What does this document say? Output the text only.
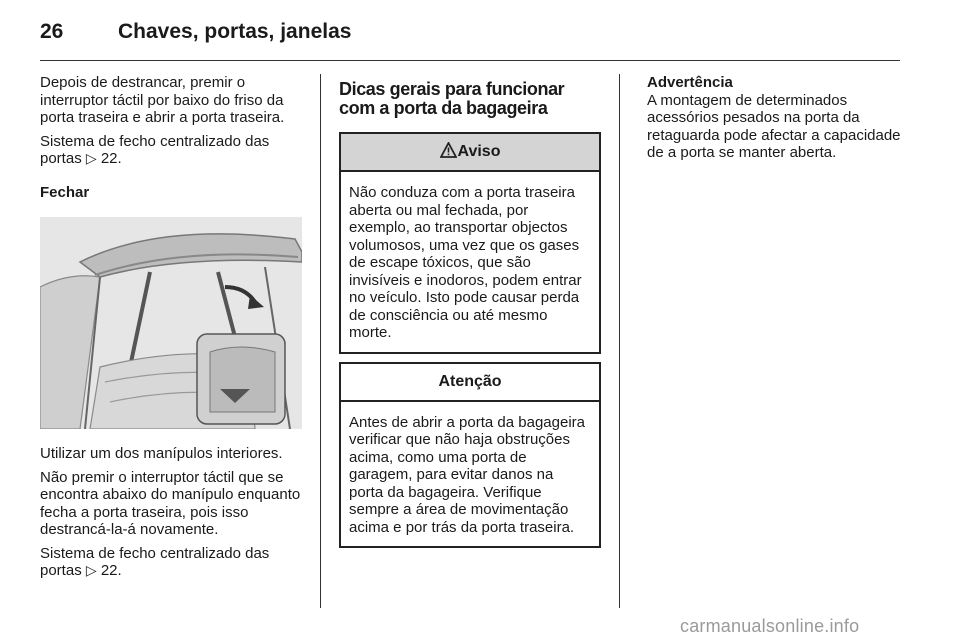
26	Chaves, portas, janelas

Depois de destrancar, premir o interruptor táctil por baixo do friso da porta traseira e abrir a porta traseira.

Sistema de fecho centralizado das portas ▷ 22.

Fechar

Utilizar um dos manípulos interiores.

Não premir o interruptor táctil que se encontra abaixo do manípulo enquanto fecha a porta traseira, pois isso destrancá-la-á novamente.

Sistema de fecho centralizado das portas ▷ 22.

Dicas gerais para funcionar com a porta da bagageira
Aviso
Não conduza com a porta traseira aberta ou mal fechada, por exemplo, ao transportar objectos volumosos, uma vez que os gases de escape tóxicos, que são invisíveis e inodoros, podem entrar no veículo. Isto pode causar perda de consciência ou até mesmo morte.
Atenção
Antes de abrir a porta da bagageira verificar que não haja obstruções acima, como uma porta de garagem, para evitar danos na porta da bagageira. Verifique sempre a área de movimentação acima e por trás da porta traseira.
Advertência
A montagem de determinados acessórios pesados na porta da retaguarda pode afectar a capacidade de a porta se manter aberta.
carmanualsonline.info
